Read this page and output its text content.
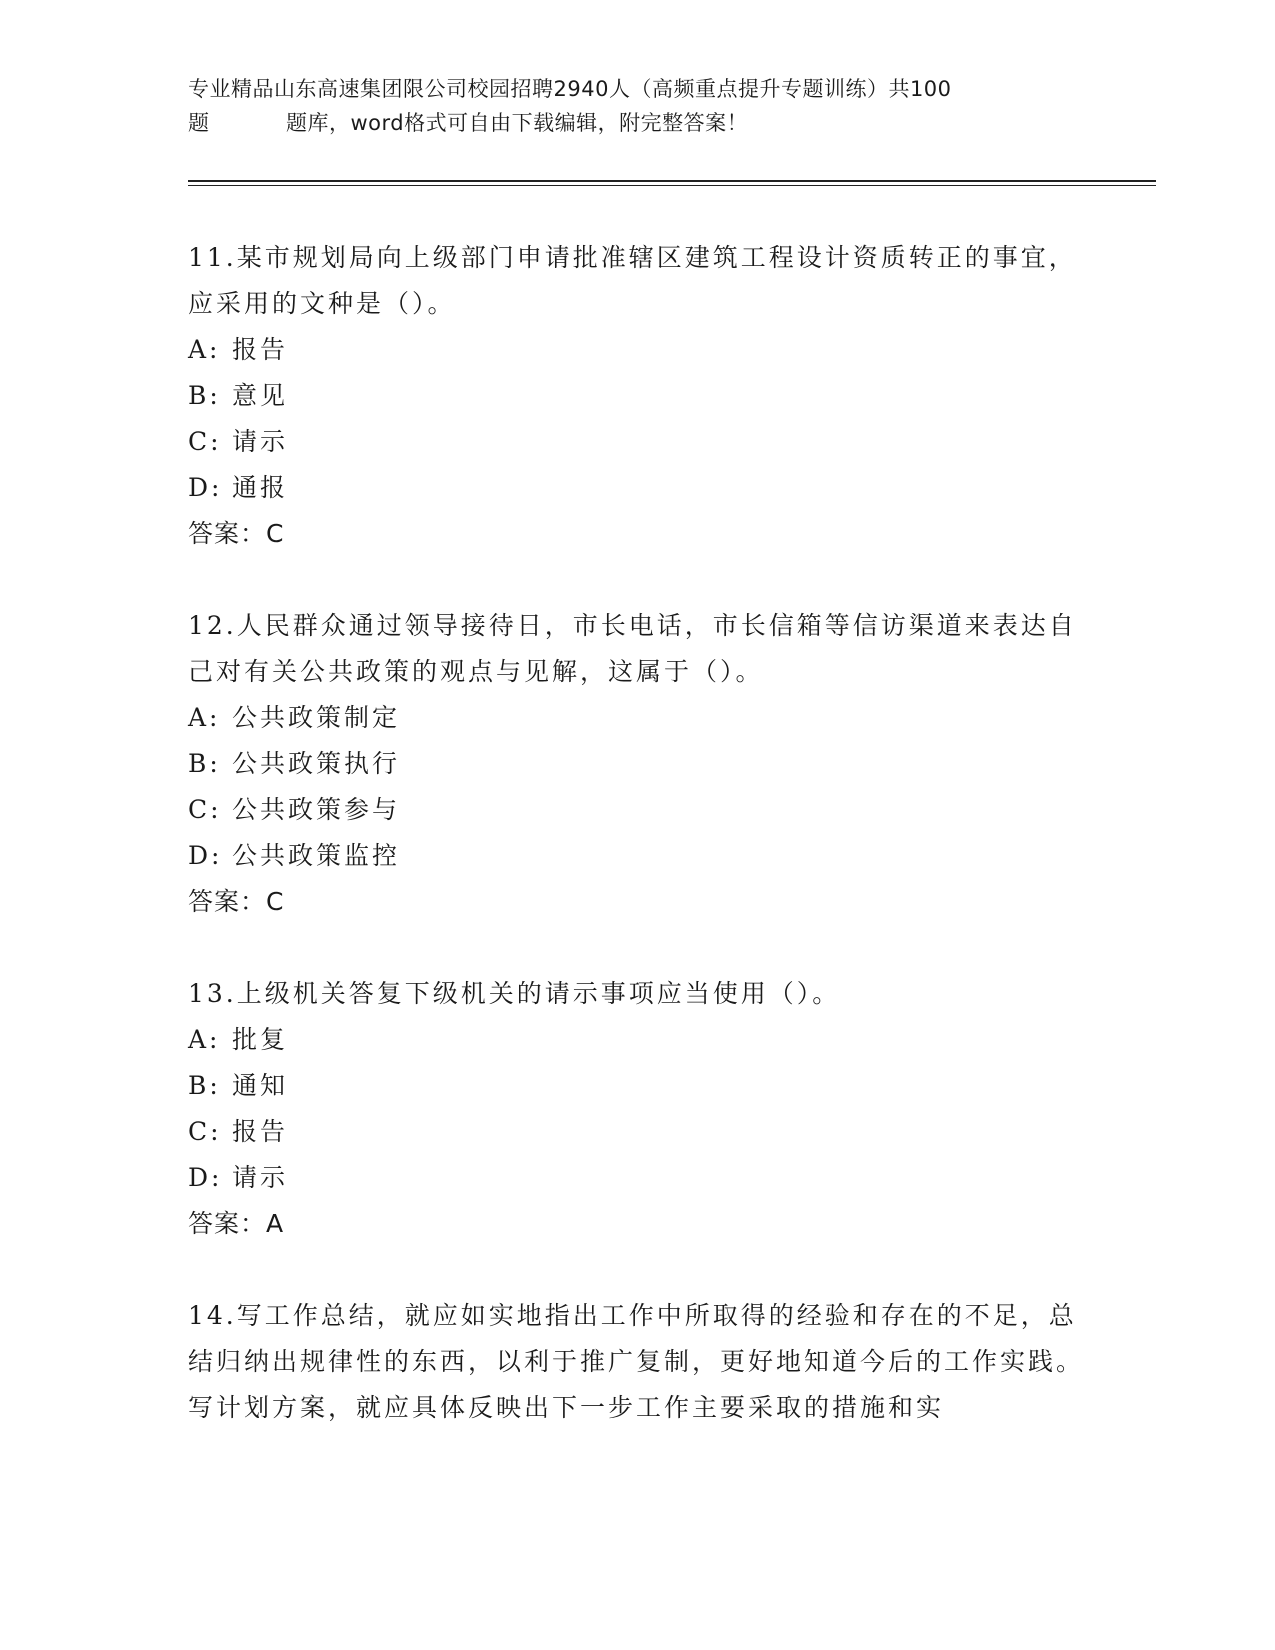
专业精品山东高速集团限公司校园招聘2940人（高频重点提升专题训练）共100
题	题库，word格式可自由下载编辑，附完整答案！
11.某市规划局向上级部门申请批准辖区建筑工程设计资质转正的事宜，应采用的文种是（）。
A: 报告
B: 意见
C: 请示
D: 通报
答案：C
12.人民群众通过领导接待日，市长电话，市长信箱等信访渠道来表达自己对有关公共政策的观点与见解，这属于（）。
A: 公共政策制定
B: 公共政策执行
C: 公共政策参与
D: 公共政策监控
答案：C
13.上级机关答复下级机关的请示事项应当使用（）。
A: 批复
B: 通知
C: 报告
D: 请示
答案：A
14.写工作总结，就应如实地指出工作中所取得的经验和存在的不足，总结归纳出规律性的东西，以利于推广复制，更好地知道今后的工作实践。写计划方案，就应具体反映出下一步工作主要采取的措施和实
